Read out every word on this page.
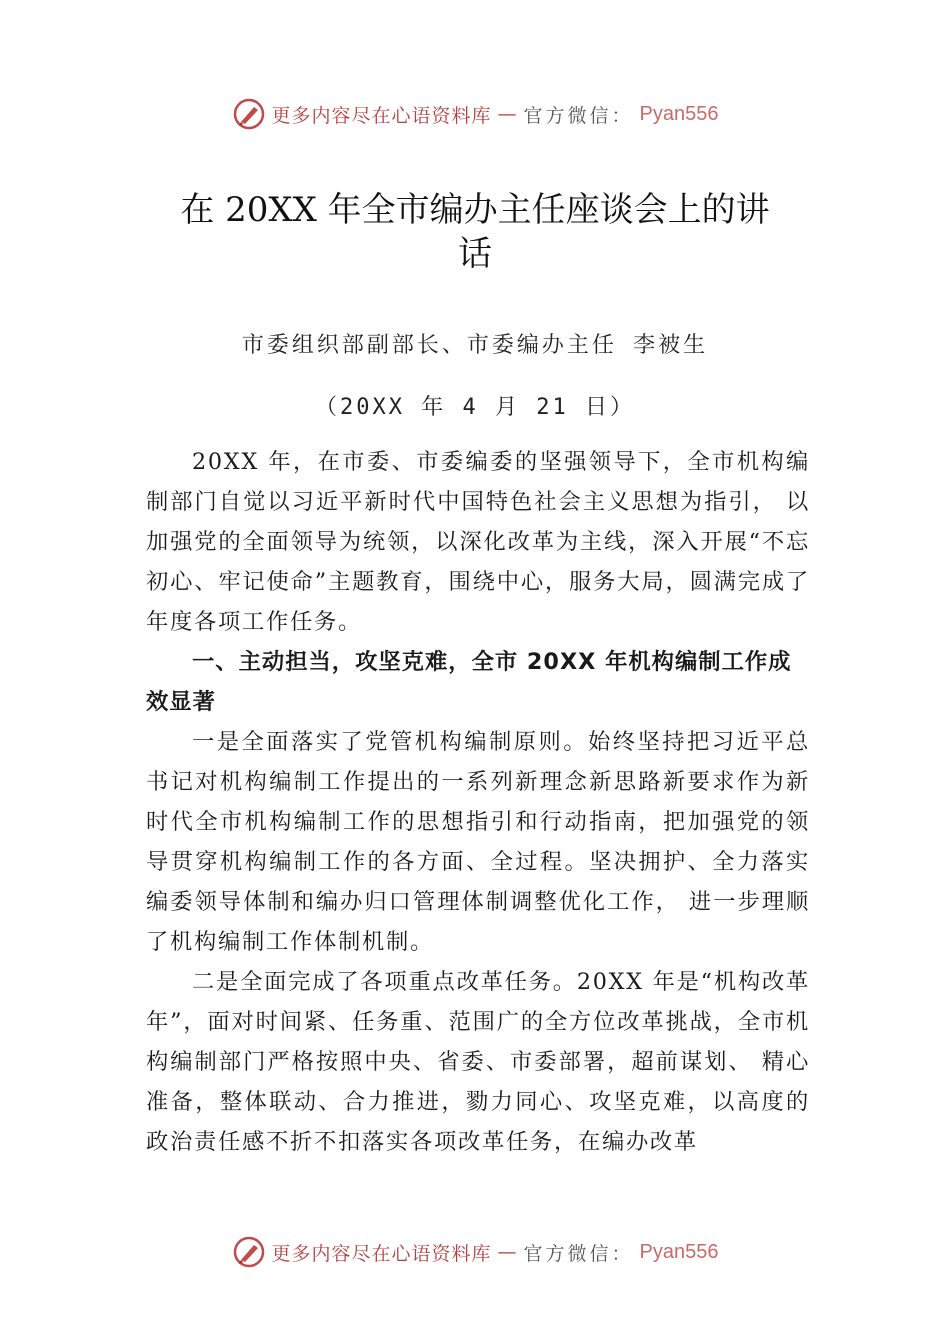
更多内容尽在心语资料库 — 官方微信： Pyan556
在 20XX 年全市编办主任座谈会上的讲
话
市委组织部副部长、市委编办主任 李被生
（20XX 年 4 月 21 日）

20XX 年，在市委、市委编委的坚强领导下，全市机构编制部门自觉以习近平新时代中国特色社会主义思想为指引， 以加强党的全面领导为统领，以深化改革为主线，深入开展“不忘初心、牢记使命”主题教育，围绕中心，服务大局，圆满完成了年度各项工作任务。

一、主动担当，攻坚克难，全市 20XX 年机构编制工作成效显著

一是全面落实了党管机构编制原则。始终坚持把习近平总书记对机构编制工作提出的一系列新理念新思路新要求作为新时代全市机构编制工作的思想指引和行动指南，把加强党的领导贯穿机构编制工作的各方面、全过程。坚决拥护、全力落实编委领导体制和编办归口管理体制调整优化工作， 进一步理顺了机构编制工作体制机制。

二是全面完成了各项重点改革任务。20XX 年是“机构改革年”，面对时间紧、任务重、范围广的全方位改革挑战，全市机构编制部门严格按照中央、省委、市委部署，超前谋划、 精心准备，整体联动、合力推进，勠力同心、攻坚克难，以高度的政治责任感不折不扣落实各项改革任务，在编办改革

更多内容尽在心语资料库 — 官方微信： Pyan556
